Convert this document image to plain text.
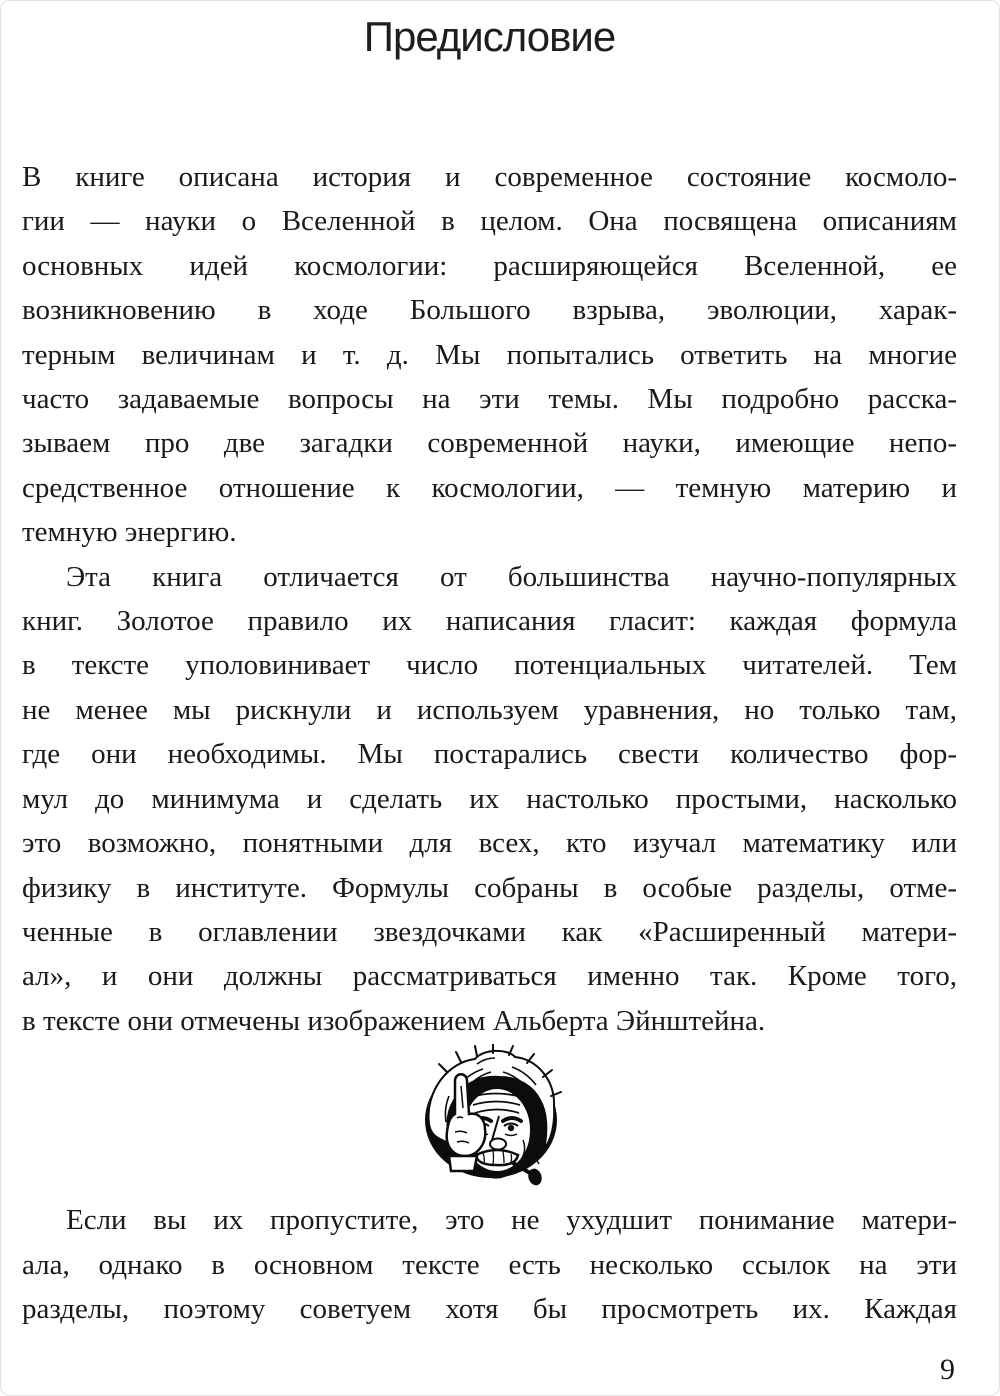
Предисловие
В книге описана история и современное состояние космоло-
гии — науки о Вселенной в целом. Она посвящена описаниям
основных идей космологии: расширяющейся Вселенной, ее
возникновению в ходе Большого взрыва, эволюции, харак-
терным величинам и т. д. Мы попытались ответить на многие
часто задаваемые вопросы на эти темы. Мы подробно расска-
зываем про две загадки современной науки, имеющие непо-
средственное отношение к космологии, — темную материю и
темную энергию.
Эта книга отличается от большинства научно-популярных
книг. Золотое правило их написания гласит: каждая формула
в тексте уполовинивает число потенциальных читателей. Тем
не менее мы рискнули и используем уравнения, но только там,
где они необходимы. Мы постарались свести количество фор-
мул до минимума и сделать их настолько простыми, насколько
это возможно, понятными для всех, кто изучал математику или
физику в институте. Формулы собраны в особые разделы, отме-
ченные в оглавлении звездочками как «Расширенный матери-
ал», и они должны рассматриваться именно так. Кроме того,
в тексте они отмечены изображением Альберта Эйнштейна.
Если вы их пропустите, это не ухудшит понимание матери-
ала, однако в основном тексте есть несколько ссылок на эти
разделы, поэтому советуем хотя бы просмотреть их. Каждая
9
